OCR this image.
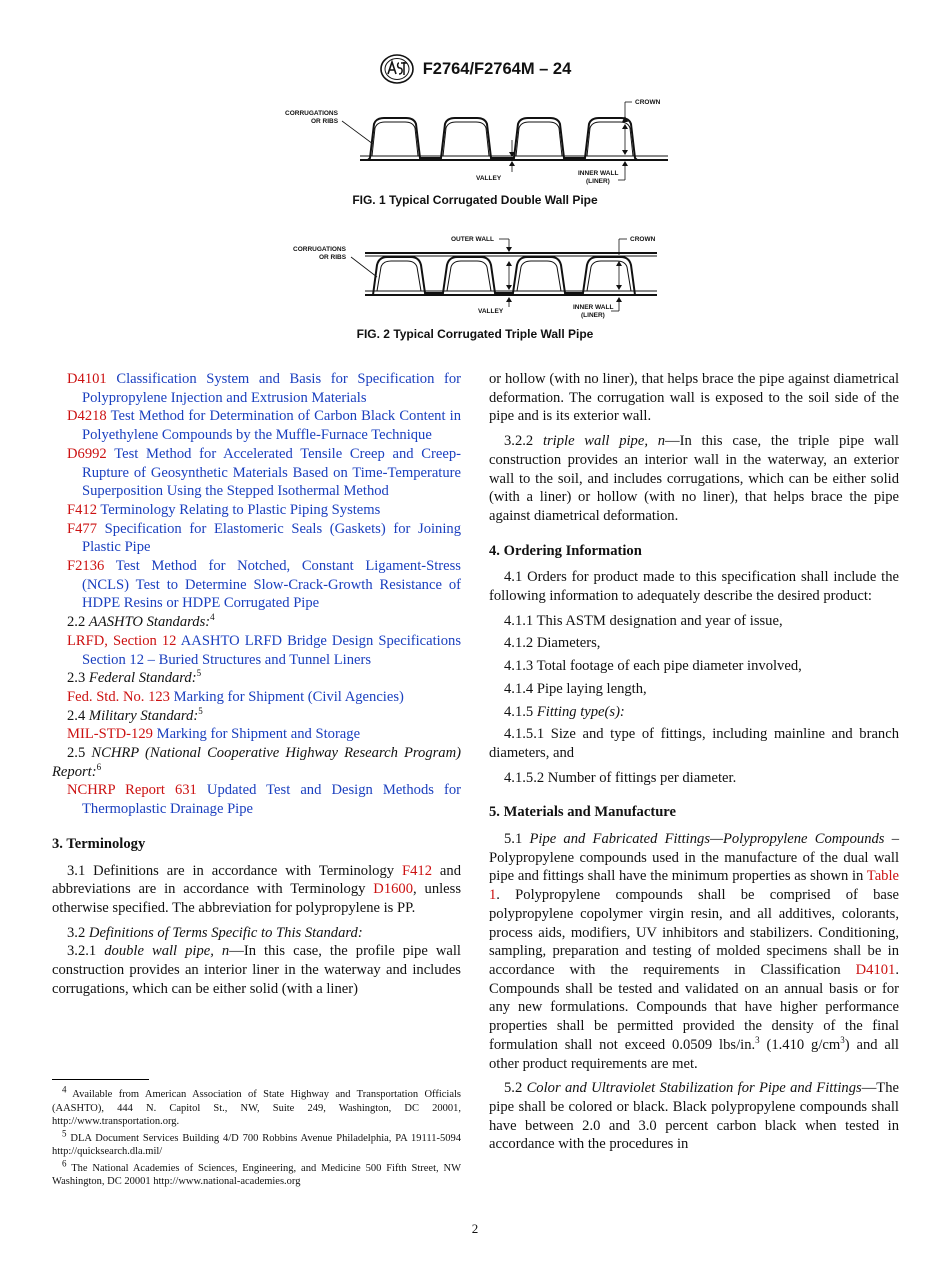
F2764/F2764M – 24
CORRUGATIONS
OR RIBS
CROWN
VALLEY
INNER WALL
(LINER)
FIG. 1 Typical Corrugated Double Wall Pipe
CORRUGATIONS
OR RIBS
OUTER WALL	CROWN
VALLEY
INNER WALL
(LINER)
FIG. 2 Typical Corrugated Triple Wall Pipe

D4101 Classification System and Basis for Specification for Polypropylene Injection and Extrusion Materials

D4218 Test Method for Determination of Carbon Black Content in Polyethylene Compounds by the Muffle-Furnace Technique

D6992 Test Method for Accelerated Tensile Creep and Creep-Rupture of Geosynthetic Materials Based on Time-Temperature Superposition Using the Stepped Isothermal Method

F412 Terminology Relating to Plastic Piping Systems

F477 Specification for Elastomeric Seals (Gaskets) for Joining Plastic Pipe

F2136 Test Method for Notched, Constant Ligament-Stress (NCLS) Test to Determine Slow-Crack-Growth Resistance of HDPE Resins or HDPE Corrugated Pipe

2.2 AASHTO Standards:$^4$

LRFD, Section 12 AASHTO LRFD Bridge Design Specifications Section 12 – Buried Structures and Tunnel Liners

2.3 Federal Standard:$^5$

Fed. Std. No. 123 Marking for Shipment (Civil Agencies)

2.4 Military Standard:$^5$

MIL-STD-129 Marking for Shipment and Storage

2.5 NCHRP (National Cooperative Highway Research Program) Report:$^6$

NCHRP Report 631 Updated Test and Design Methods for Thermoplastic Drainage Pipe

3. Terminology

3.1 Definitions are in accordance with Terminology F412 and abbreviations are in accordance with Terminology D1600, unless otherwise specified. The abbreviation for polypropylene is PP.

3.2 Definitions of Terms Specific to This Standard:

3.2.1 double wall pipe, n—In this case, the profile pipe wall construction provides an interior liner in the waterway and includes corrugations, which can be either solid (with a liner)

or hollow (with no liner), that helps brace the pipe against diametrical deformation. The corrugation wall is exposed to the soil side of the pipe and is its exterior wall.

3.2.2 triple wall pipe, n—In this case, the triple pipe wall construction provides an interior wall in the waterway, an exterior wall to the soil, and includes corrugations, which can be either solid (with a liner) or hollow (with no liner), that helps brace the pipe against diametrical deformation.

4. Ordering Information

4.1 Orders for product made to this specification shall include the following information to adequately describe the desired product:

4.1.1 This ASTM designation and year of issue,

4.1.2 Diameters,

4.1.3 Total footage of each pipe diameter involved,

4.1.4 Pipe laying length,

4.1.5 Fitting type(s):

4.1.5.1 Size and type of fittings, including mainline and branch diameters, and

4.1.5.2 Number of fittings per diameter.

5. Materials and Manufacture

5.1 Pipe and Fabricated Fittings—Polypropylene Compounds – Polypropylene compounds used in the manufacture of the dual wall pipe and fittings shall have the minimum properties as shown in Table 1. Polypropylene compounds shall be comprised of base polypropylene copolymer virgin resin, and all additives, colorants, process aids, modifiers, UV inhibitors and stabilizers. Conditioning, sampling, preparation and testing of molded specimens shall be in accordance with the requirements in Classification D4101. Compounds shall be tested and validated on an annual basis or for any new formulations. Compounds that have higher performance properties shall be permitted provided the density of the final formulation shall not exceed 0.0509 lbs/in.$^3$ (1.410 $g/cm^3$) and all other product requirements are met.

5.2 Color and Ultraviolet Stabilization for Pipe and Fittings—The pipe shall be colored or black. Black polypropylene compounds shall have between 2.0 and 3.0 percent carbon black when tested in accordance with the procedures in

$^4$ Available from American Association of State Highway and Transportation Officials (AASHTO), 444 N. Capitol St., NW, Suite 249, Washington, DC 20001, http://www.transportation.org.

$^5$ DLA Document Services Building 4/D 700 Robbins Avenue Philadelphia, PA 19111-5094 http://quicksearch.dla.mil/

$^6$ The National Academies of Sciences, Engineering, and Medicine 500 Fifth Street, NW Washington, DC 20001 http://www.national-academies.org

2
